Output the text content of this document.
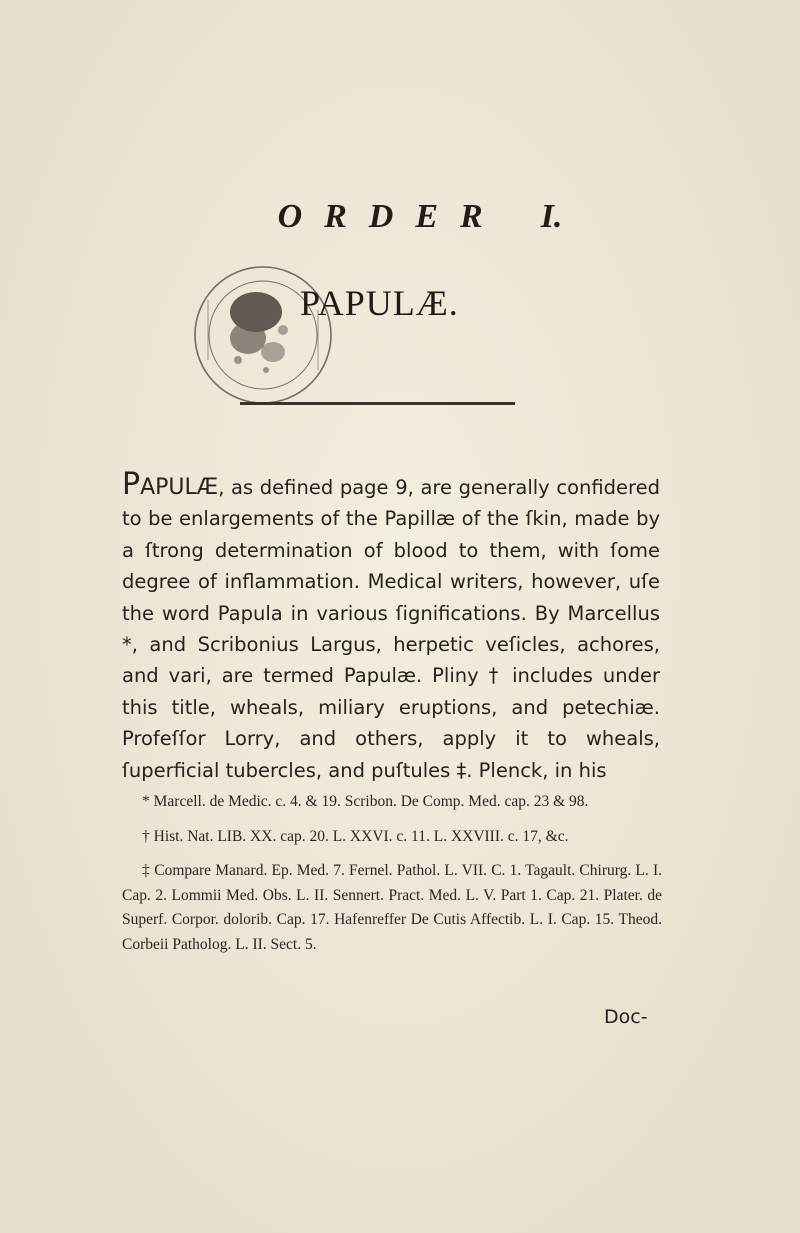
ORDER I.
PAPULÆ.

PAPULÆ, as defined page 9, are generally confidered to be enlargements of the Papillæ of the ſkin, made by a ſtrong determination of blood to them, with ſome degree of inflammation. Medical writers, however, uſe the word Papula in various ſignifications. By Marcellus *, and Scribonius Largus, herpetic veſicles, achores, and vari, are termed Papulæ. Pliny † includes under this title, wheals, miliary eruptions, and petechiæ. Profeſſor Lorry, and others, apply it to wheals, ſuperficial tubercles, and puſtules ‡. Plenck, in his

* Marcell. de Medic. c. 4. & 19. Scribon. De Comp. Med. cap. 23 & 98.

† Hist. Nat. LIB. XX. cap. 20. L. XXVI. c. 11. L. XXVIII. c. 17, &c.

‡ Compare Manard. Ep. Med. 7. Fernel. Pathol. L. VII. C. 1. Tagault. Chirurg. L. I. Cap. 2. Lommii Med. Obs. L. II. Sennert. Pract. Med. L. V. Part 1. Cap. 21. Plater. de Superf. Corpor. dolorib. Cap. 17. Hafenreffer De Cutis Affectib. L. I. Cap. 15. Theod. Corbeii Patholog. L. II. Sect. 5.

Doc-
